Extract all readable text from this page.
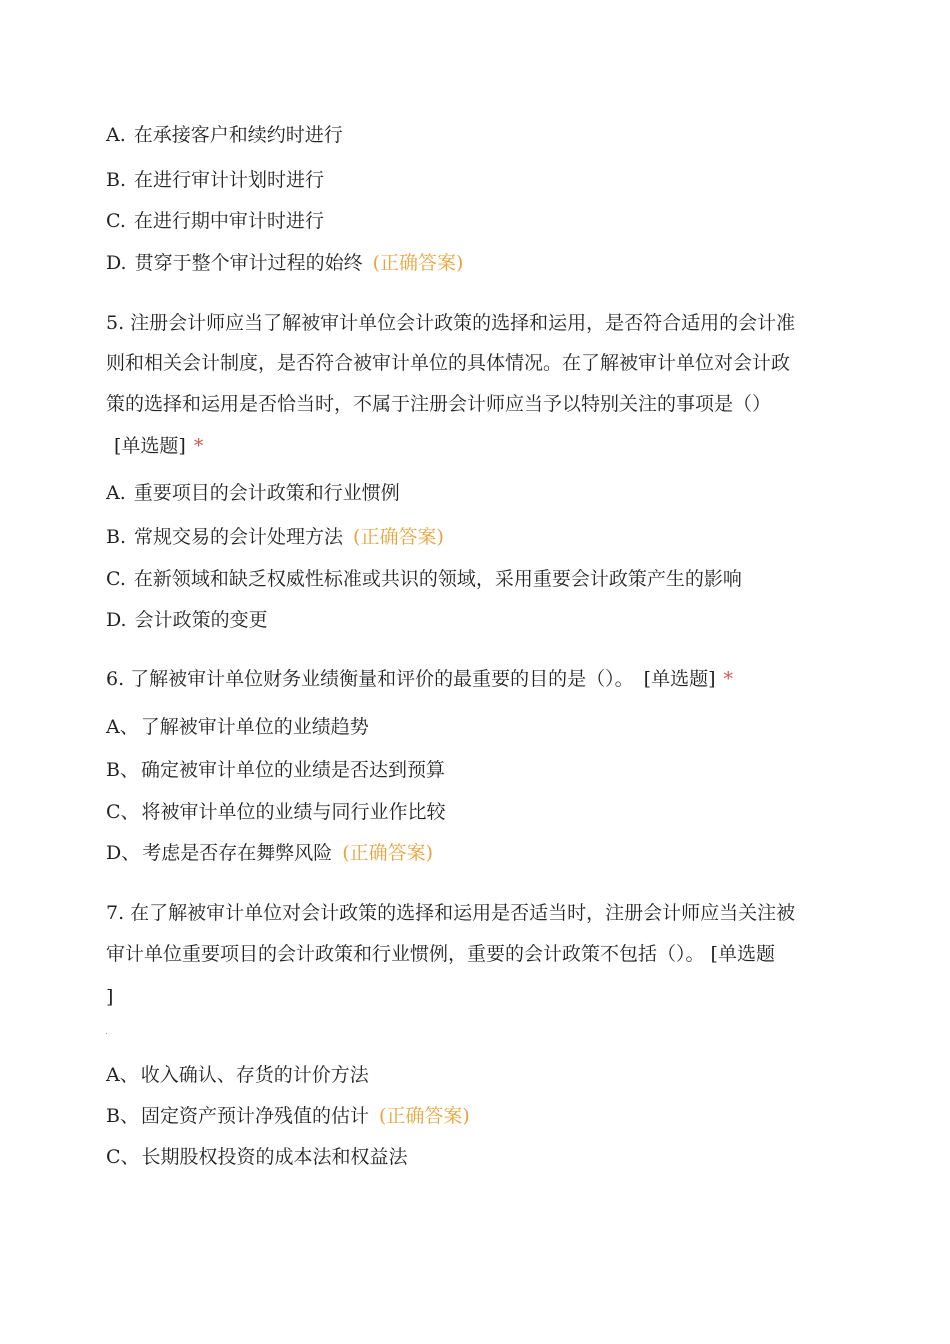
A. 在承接客户和续约时进行
B. 在进行审计计划时进行
C. 在进行期中审计时进行
D. 贯穿于整个审计过程的始终 (正确答案)
5. 注册会计师应当了解被审计单位会计政策的选择和运用，是否符合适用的会计准
则和相关会计制度，是否符合被审计单位的具体情况。在了解被审计单位对会计政
策的选择和运用是否恰当时，不属于注册会计师应当予以特别关注的事项是（）
[单选题] *
A. 重要项目的会计政策和行业惯例
B. 常规交易的会计处理方法 (正确答案)
C. 在新领域和缺乏权威性标准或共识的领域，采用重要会计政策产生的影响
D. 会计政策的变更
6. 了解被审计单位财务业绩衡量和评价的最重要的目的是（）。 [单选题] *
A、 了解被审计单位的业绩趋势
B、 确定被审计单位的业绩是否达到预算
C、 将被审计单位的业绩与同行业作比较
D、 考虑是否存在舞弊风险 (正确答案)
7. 在了解被审计单位对会计政策的选择和运用是否适当时，注册会计师应当关注被
审计单位重要项目的会计政策和行业惯例，重要的会计政策不包括（）。 [单选题
]
A、 收入确认、存货的计价方法
B、 固定资产预计净残值的估计 (正确答案)
C、 长期股权投资的成本法和权益法
